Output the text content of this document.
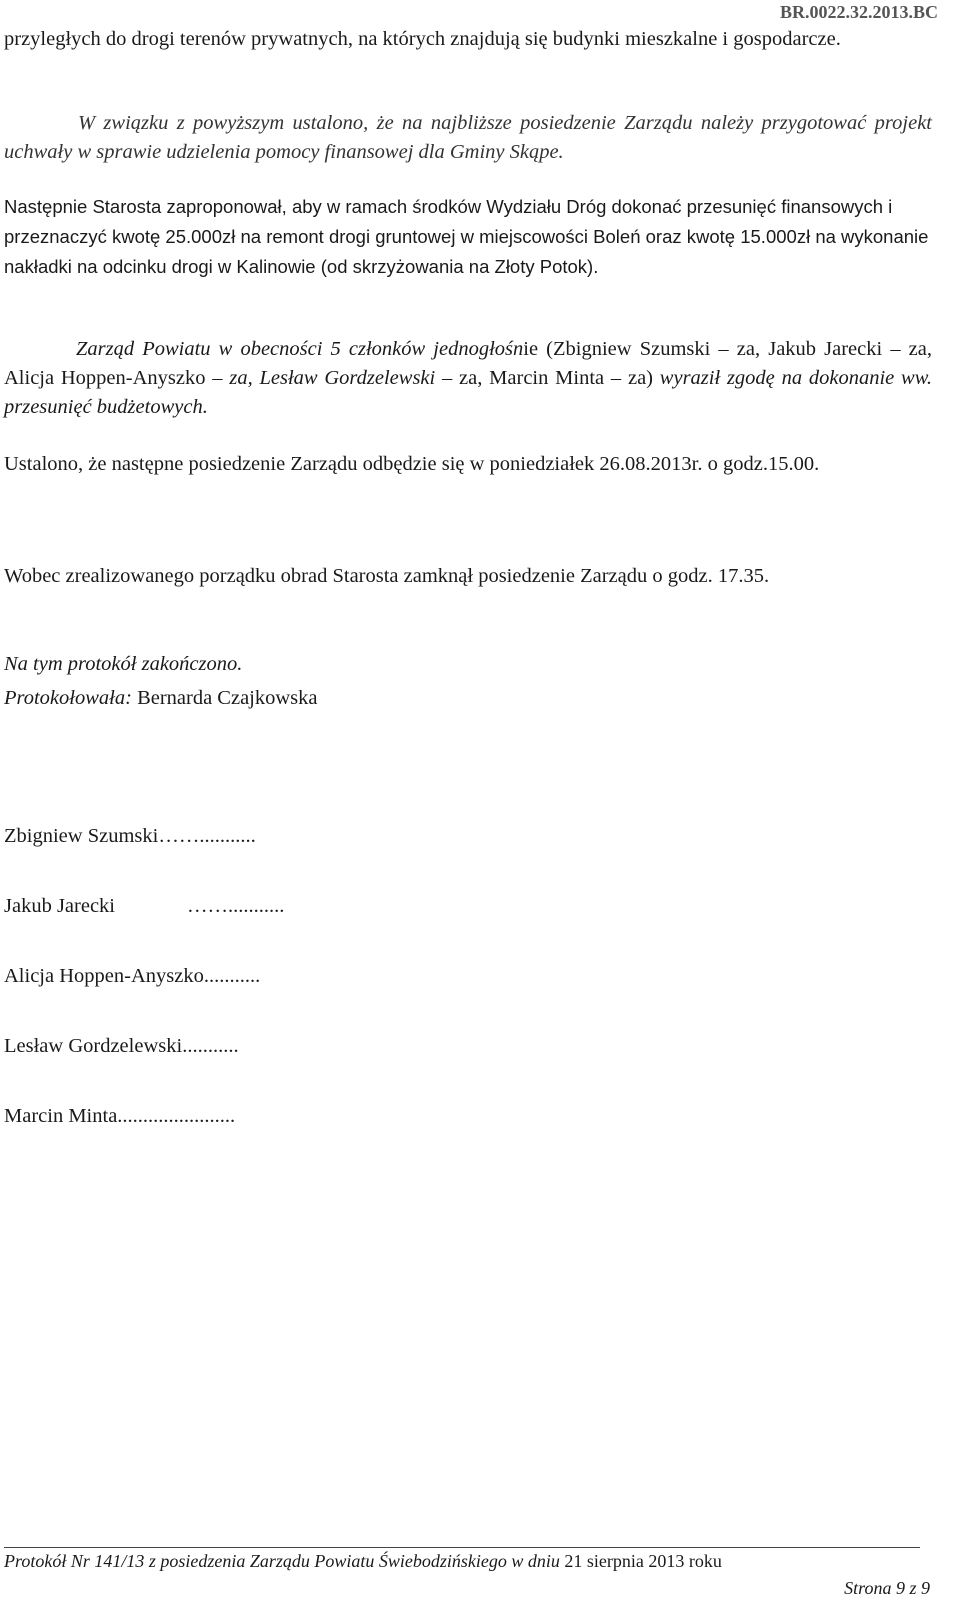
BR.0022.32.2013.BC

przyległych do drogi terenów prywatnych, na których znajdują się budynki mieszkalne i gospodarcze.

W związku z powyższym ustalono, że na najbliższe posiedzenie Zarządu należy przygotować projekt uchwały w sprawie udzielenia pomocy finansowej dla Gminy Skąpe.

Następnie Starosta zaproponował, aby w ramach środków Wydziału Dróg dokonać przesunięć finansowych i przeznaczyć kwotę 25.000zł na remont drogi gruntowej w miejscowości Boleń oraz kwotę 15.000zł na wykonanie nakładki na odcinku drogi w Kalinowie (od skrzyżowania na Złoty Potok).

Zarząd Powiatu w obecności 5 członków jednogłośnie (Zbigniew Szumski – za, Jakub Jarecki – za, Alicja Hoppen-Anyszko – za, Lesław Gordzelewski – za, Marcin Minta – za) wyraził zgodę na dokonanie ww. przesunięć budżetowych.

Ustalono, że następne posiedzenie Zarządu odbędzie się w poniedziałek 26.08.2013r. o godz.15.00.

Wobec zrealizowanego porządku obrad Starosta zamknął posiedzenie Zarządu o godz. 17.35.

Na tym protokół zakończono.
Protokołowała: Bernarda Czajkowska
Zbigniew Szumski……...........
Jakub Jarecki	……...........
Alicja Hoppen-Anyszko...........
Lesław Gordzelewski...........
Marcin Minta.......................
Protokół Nr 141/13 z posiedzenia Zarządu Powiatu Świebodzińskiego w dniu 21 sierpnia 2013 roku
Strona 9 z 9
